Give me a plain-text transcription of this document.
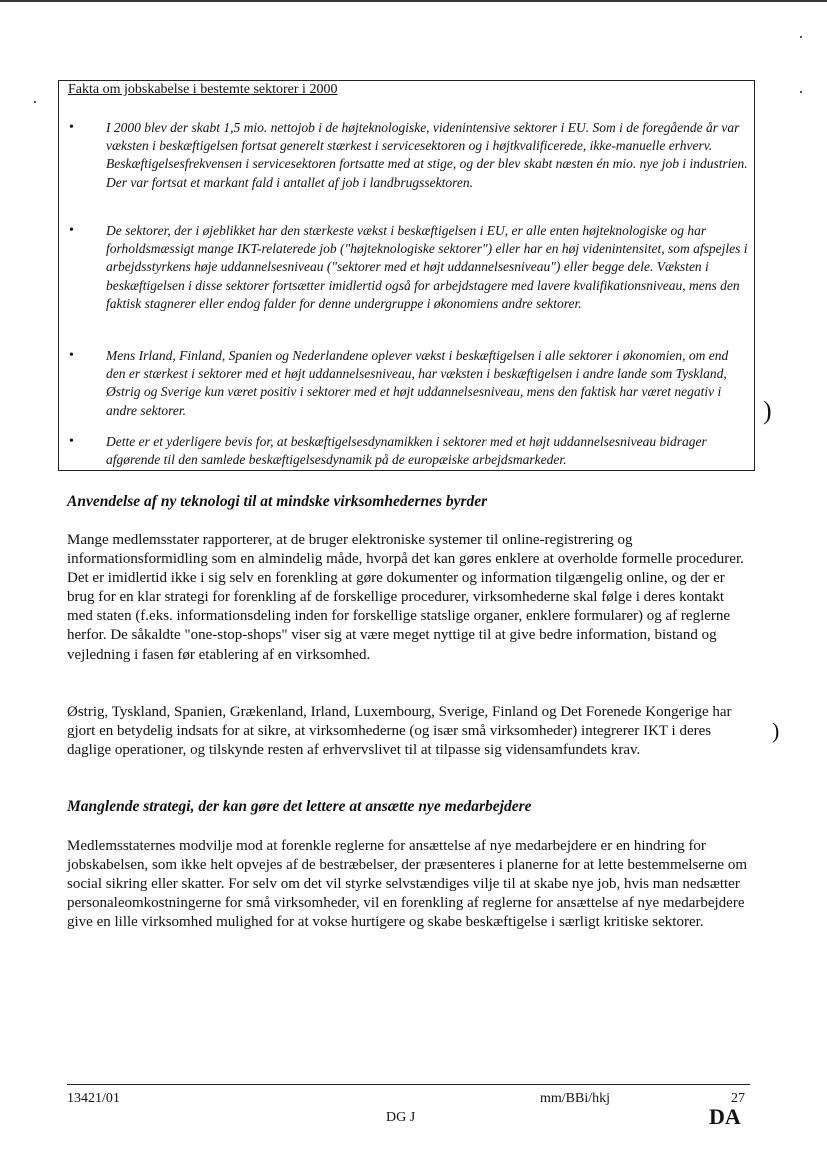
Fakta om jobskabelse i bestemte sektorer i 2000
• I 2000 blev der skabt 1,5 mio. nettojob i de højteknologiske, videnintensive sektorer i EU. Som i de foregående år var væksten i beskæftigelsen fortsat generelt stærkest i servicesektoren og i højtkvalificerede, ikke-manuelle erhverv. Beskæftigelsesfrekvensen i servicesektoren fortsatte med at stige, og der blev skabt næsten én mio. nye job i industrien. Der var fortsat et markant fald i antallet af job i landbrugssektoren.
• De sektorer, der i øjeblikket har den stærkeste vækst i beskæftigelsen i EU, er alle enten højteknologiske og har forholdsmæssigt mange IKT-relaterede job ("højteknologiske sektorer") eller har en høj videnintensitet, som afspejles i arbejdsstyrkens høje uddannelsesniveau ("sektorer med et højt uddannelsesniveau") eller begge dele. Væksten i beskæftigelsen i disse sektorer fortsætter imidlertid også for arbejdstagere med lavere kvalifikationsniveau, mens den faktisk stagnerer eller endog falder for denne undergruppe i økonomiens andre sektorer.
• Mens Irland, Finland, Spanien og Nederlandene oplever vækst i beskæftigelsen i alle sektorer i økonomien, om end den er stærkest i sektorer med et højt uddannelsesniveau, har væksten i beskæftigelsen i andre lande som Tyskland, Østrig og Sverige kun været positiv i sektorer med et højt uddannelsesniveau, mens den faktisk har været negativ i andre sektorer.
• Dette er et yderligere bevis for, at beskæftigelsesdynamikken i sektorer med et højt uddannelsesniveau bidrager afgørende til den samlede beskæftigelsesdynamik på de europæiske arbejdsmarkeder.
Anvendelse af ny teknologi til at mindske virksomhedernes byrder
Mange medlemsstater rapporterer, at de bruger elektroniske systemer til online-registrering og informationsformidling som en almindelig måde, hvorpå det kan gøres enklere at overholde formelle procedurer. Det er imidlertid ikke i sig selv en forenkling at gøre dokumenter og information tilgængelig online, og der er brug for en klar strategi for forenkling af de forskellige procedurer, virksomhederne skal følge i deres kontakt med staten (f.eks. informationsdeling inden for forskellige statslige organer, enklere formularer) og af reglerne herfor. De såkaldte "one-stop-shops" viser sig at være meget nyttige til at give bedre information, bistand og vejledning i fasen før etablering af en virksomhed.
Østrig, Tyskland, Spanien, Grækenland, Irland, Luxembourg, Sverige, Finland og Det Forenede Kongerige har gjort en betydelig indsats for at sikre, at virksomhederne (og især små virksomheder) integrerer IKT i deres daglige operationer, og tilskynde resten af erhvervslivet til at tilpasse sig vidensamfundets krav.
Manglende strategi, der kan gøre det lettere at ansætte nye medarbejdere
Medlemsstaternes modvilje mod at forenkle reglerne for ansættelse af nye medarbejdere er en hindring for jobskabelsen, som ikke helt opvejes af de bestræbelser, der præsenteres i planerne for at lette bestemmelserne om social sikring eller skatter. For selv om det vil styrke selvstændiges vilje til at skabe nye job, hvis man nedsætter personaleomkostningerne for små virksomheder, vil en forenkling af reglerne for ansættelse af nye medarbejdere give en lille virksomhed mulighed for at vokse hurtigere og skabe beskæftigelse i særligt kritiske sektorer.
)
)
13421/01	mm/BBi/hkj	27
DG J	DA
